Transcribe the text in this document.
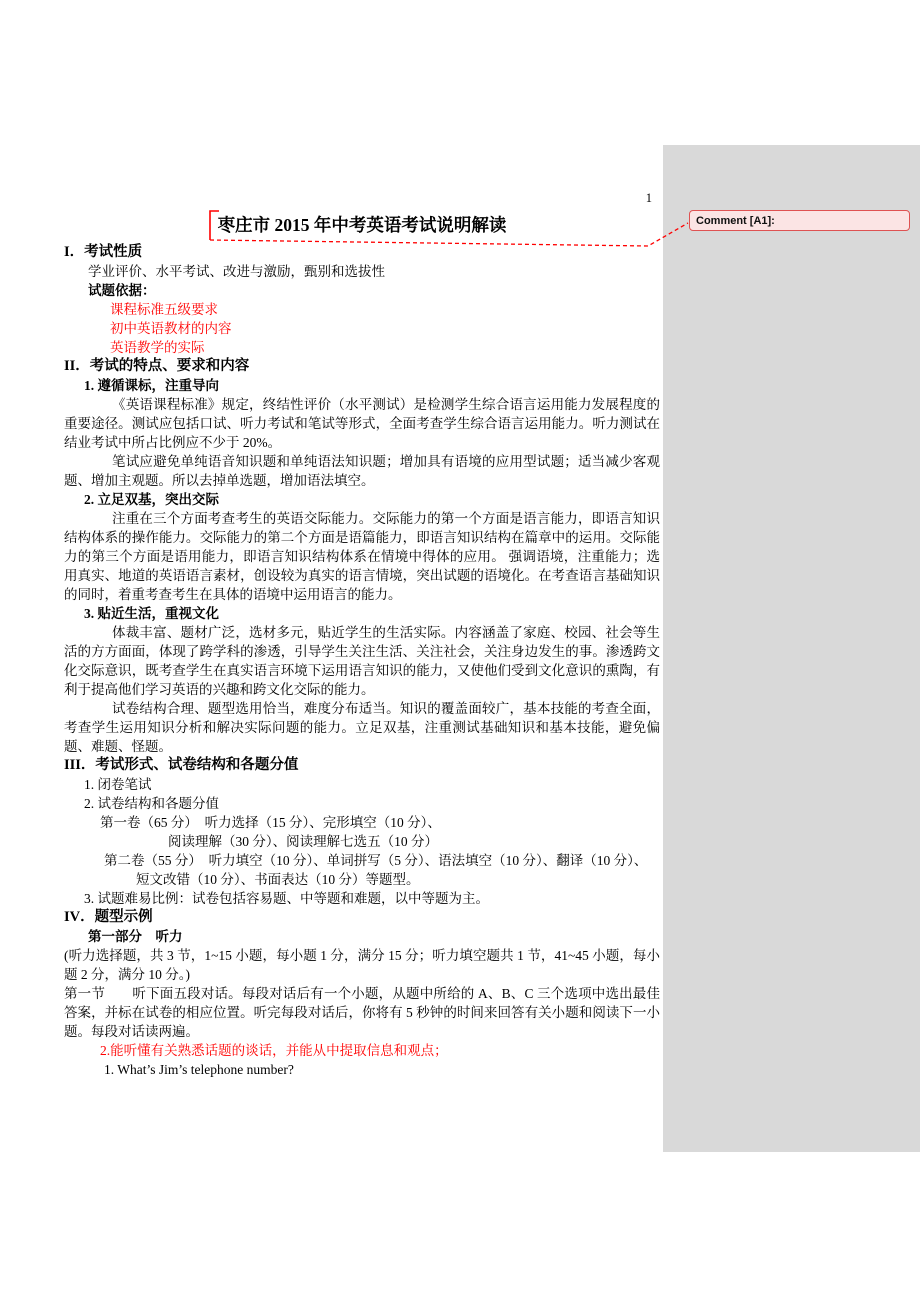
Comment [A1]:
1
枣庄市 2015 年中考英语考试说明解读
I．考试性质
学业评价、水平考试、改进与激励，甄别和选拔性
试题依据：
课程标准五级要求
初中英语教材的内容
英语教学的实际
II．考试的特点、要求和内容
1. 遵循课标，注重导向
《英语课程标准》规定，终结性评价（水平测试）是检测学生综合语言运用能力发展程度的重要途径。测试应包括口试、听力考试和笔试等形式，全面考查学生综合语言运用能力。听力测试在结业考试中所占比例应不少于 20%。
笔试应避免单纯语音知识题和单纯语法知识题；增加具有语境的应用型试题；适当减少客观题、增加主观题。所以去掉单选题，增加语法填空。
2. 立足双基，突出交际
注重在三个方面考查考生的英语交际能力。交际能力的第一个方面是语言能力，即语言知识结构体系的操作能力。交际能力的第二个方面是语篇能力，即语言知识结构在篇章中的运用。交际能力的第三个方面是语用能力，即语言知识结构体系在情境中得体的应用。 强调语境，注重能力；选用真实、地道的英语语言素材，创设较为真实的语言情境，突出试题的语境化。在考查语言基础知识的同时，着重考查考生在具体的语境中运用语言的能力。
3. 贴近生活，重视文化
体裁丰富、题材广泛，选材多元，贴近学生的生活实际。内容涵盖了家庭、校园、社会等生活的方方面面，体现了跨学科的渗透，引导学生关注生活、关注社会，关注身边发生的事。渗透跨文化交际意识，既考查学生在真实语言环境下运用语言知识的能力，又使他们受到文化意识的熏陶，有利于提高他们学习英语的兴趣和跨文化交际的能力。
试卷结构合理、题型选用恰当，难度分布适当。知识的覆盖面较广，基本技能的考查全面，考查学生运用知识分析和解决实际问题的能力。立足双基，注重测试基础知识和基本技能，避免偏题、难题、怪题。
III．考试形式、试卷结构和各题分值
1. 闭卷笔试
2. 试卷结构和各题分值
第一卷（65 分）　听力选择（15 分）、完形填空（10 分）、
阅读理解（30 分）、阅读理解七选五（10 分）
第二卷（55 分）　听力填空（10 分）、单词拼写（5 分）、语法填空（10 分）、翻译（10 分）、
短文改错（10 分）、书面表达（10 分）等题型。
3. 试题难易比例：试卷包括容易题、中等题和难题，以中等题为主。
IV．题型示例
第一部分　听力
(听力选择题，共 3 节，1~15 小题，每小题 1 分，满分 15 分；听力填空题共 1 节，41~45 小题，每小题 2 分，满分 10 分。)
第一节　　听下面五段对话。每段对话后有一个小题，从题中所给的 A、B、C 三个选项中选出最佳答案，并标在试卷的相应位置。听完每段对话后，你将有 5 秒钟的时间来回答有关小题和阅读下一小题。每段对话读两遍。
2.能听懂有关熟悉话题的谈话，并能从中提取信息和观点；
1. What’s Jim’s telephone number?
